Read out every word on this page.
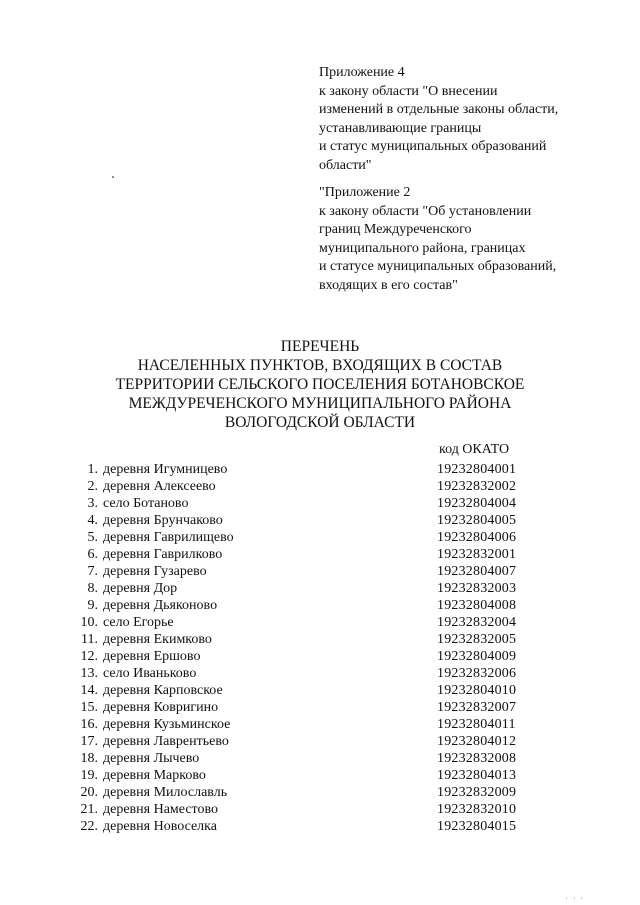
Приложение 4
к закону области "О внесении
изменений в отдельные законы области,
устанавливающие границы
и статус муниципальных образований
области"
"Приложение 2
к закону области "Об установлении
границ Междуреченского
муниципального района, границах
и статусе муниципальных образований,
входящих в его состав"
ПЕРЕЧЕНЬ
НАСЕЛЕННЫХ ПУНКТОВ, ВХОДЯЩИХ В СОСТАВ
ТЕРРИТОРИИ СЕЛЬСКОГО ПОСЕЛЕНИЯ БОТАНОВСКОЕ
МЕЖДУРЕЧЕНСКОГО МУНИЦИПАЛЬНОГО РАЙОНА
ВОЛОГОДСКОЙ ОБЛАСТИ
код ОКАТО
1. деревня Игумницево	19232804001
2. деревня Алексеево	19232832002
3. село Ботаново	19232804004
4. деревня Брунчаково	19232804005
5. деревня Гаврилищево	19232804006
6. деревня Гаврилково	19232832001
7. деревня Гузарево	19232804007
8. деревня Дор	19232832003
9. деревня Дьяконово	19232804008
10. село Егорье	19232832004
11. деревня Екимково	19232832005
12. деревня Ершово	19232804009
13. село Иваньково	19232832006
14. деревня Карповское	19232804010
15. деревня Ковригино	19232832007
16. деревня Кузьминское	19232804011
17. деревня Лаврентьево	19232804012
18. деревня Лычево	19232832008
19. деревня Марково	19232804013
20. деревня Милославль	19232832009
21. деревня Наместово	19232832010
22. деревня Новоселка	19232804015
' ' '
